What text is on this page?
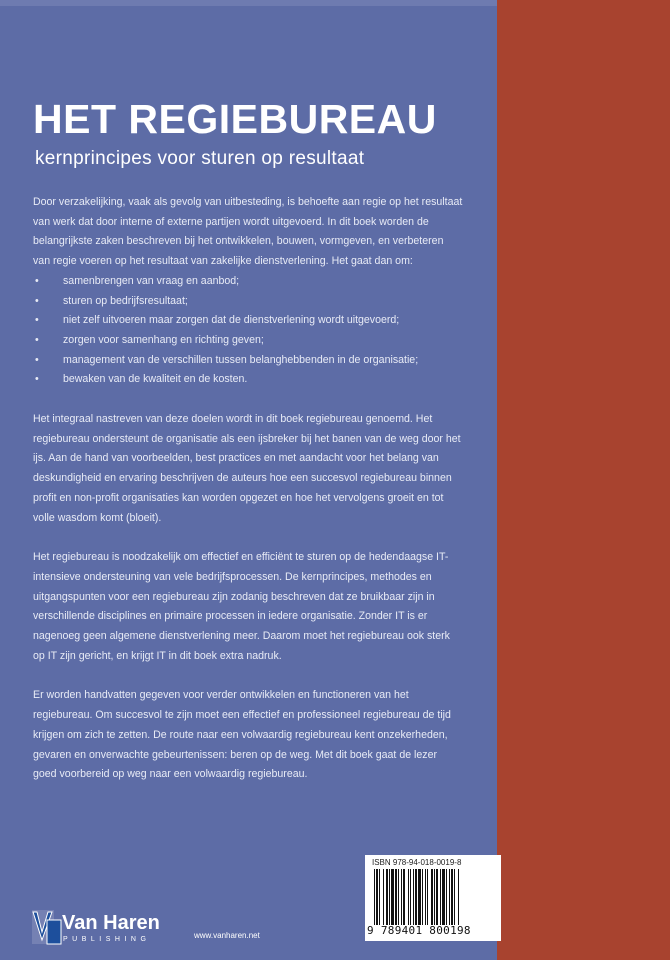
HET REGIEBUREAU
kernprincipes voor sturen op resultaat

Door verzakelijking, vaak als gevolg van uitbesteding, is behoefte aan regie op het resultaat van werk dat door interne of externe partijen wordt uitgevoerd. In dit boek worden de belangrijkste zaken beschreven bij het ontwikkelen, bouwen, vormgeven, en verbeteren van regie voeren op het resultaat van zakelijke dienstverlening. Het gaat dan om:

• samenbrengen van vraag en aanbod;
• sturen op bedrijfsresultaat;
• niet zelf uitvoeren maar zorgen dat de dienstverlening wordt uitgevoerd;
• zorgen voor samenhang en richting geven;
• management van de verschillen tussen belanghebbenden in de organisatie;
• bewaken van de kwaliteit en de kosten.

Het integraal nastreven van deze doelen wordt in dit boek regiebureau genoemd. Het regiebureau ondersteunt de organisatie als een ijsbreker bij het banen van de weg door het ijs. Aan de hand van voorbeelden, best practices en met aandacht voor het belang van deskundigheid en ervaring beschrijven de auteurs hoe een succesvol regiebureau binnen profit en non-profit organisaties kan worden opgezet en hoe het vervolgens groeit en tot volle wasdom komt (bloeit).

Het regiebureau is noodzakelijk om effectief en efficiënt te sturen op de hedendaagse IT-intensieve ondersteuning van vele bedrijfsprocessen. De kernprincipes, methodes en uitgangspunten voor een regiebureau zijn zodanig beschreven dat ze bruikbaar zijn in verschillende disciplines en primaire processen in iedere organisatie. Zonder IT is er nagenoeg geen algemene dienstverlening meer. Daarom moet het regiebureau ook sterk op IT zijn gericht, en krijgt IT in dit boek extra nadruk.

Er worden handvatten gegeven voor verder ontwikkelen en functioneren van het regiebureau. Om succesvol te zijn moet een effectief en professioneel regiebureau de tijd krijgen om zich te zetten. De route naar een volwaardig regiebureau kent onzekerheden, gevaren en onverwachte gebeurtenissen: beren op de weg. Met dit boek gaat de lezer goed voorbereid op weg naar een volwaardig regiebureau.

ISBN 978-94-018-0019-8
9 789401 800198
Van Haren
PUBLISHING	www.vanharen.net
